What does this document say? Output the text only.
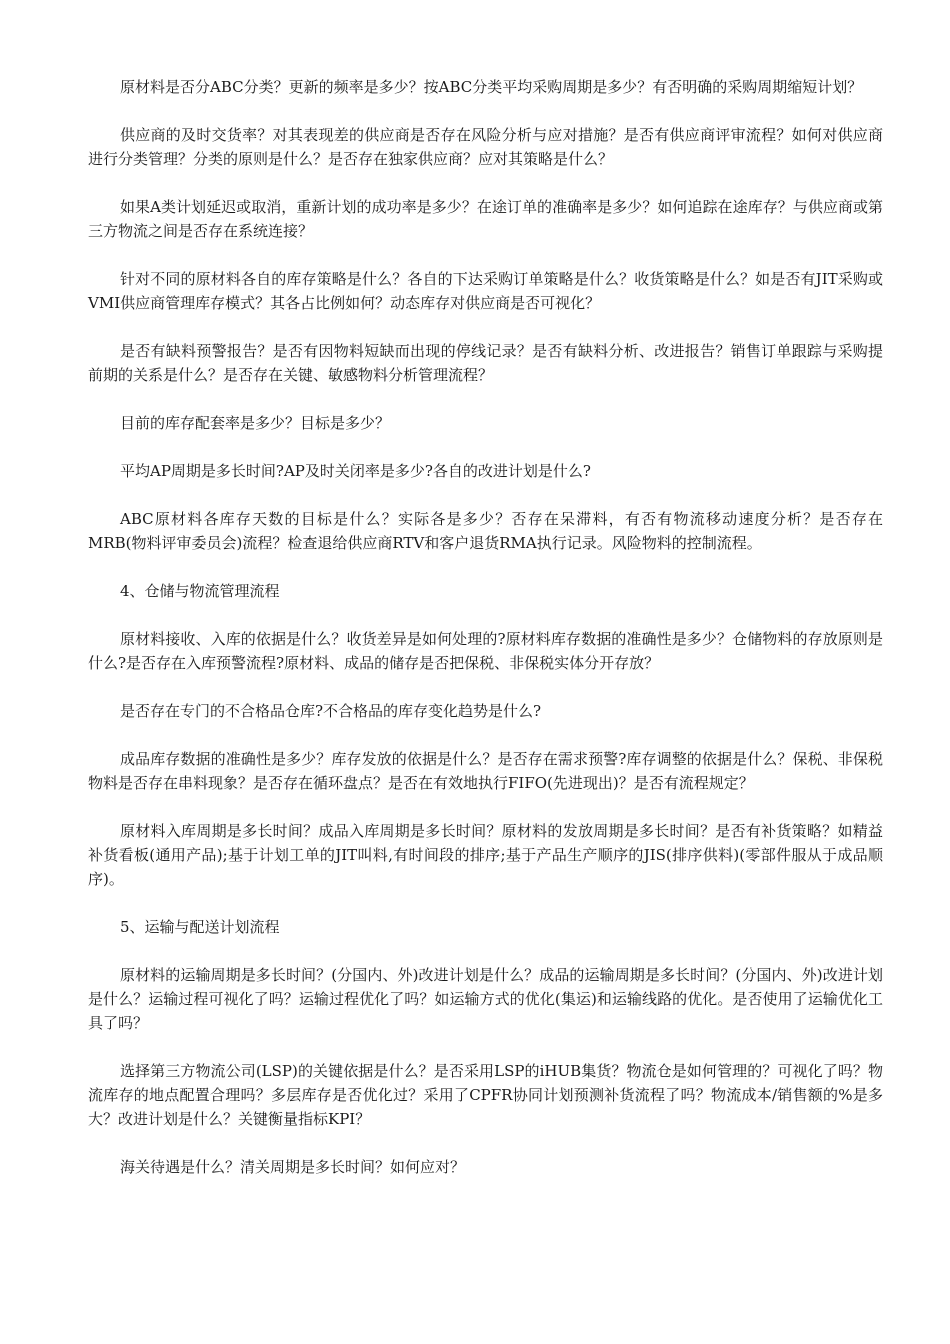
原材料是否分ABC分类？更新的频率是多少？按ABC分类平均采购周期是多少？有否明确的采购周期缩短计划？

供应商的及时交货率？对其表现差的供应商是否存在风险分析与应对措施？是否有供应商评审流程？如何对供应商进行分类管理？分类的原则是什么？是否存在独家供应商？应对其策略是什么？

如果A类计划延迟或取消，重新计划的成功率是多少？在途订单的准确率是多少？如何追踪在途库存？与供应商或第三方物流之间是否存在系统连接？

针对不同的原材料各自的库存策略是什么？各自的下达采购订单策略是什么？收货策略是什么？如是否有JIT采购或VMI供应商管理库存模式？其各占比例如何？动态库存对供应商是否可视化？

是否有缺料预警报告？是否有因物料短缺而出现的停线记录？是否有缺料分析、改进报告？销售订单跟踪与采购提前期的关系是什么？是否存在关键、敏感物料分析管理流程？

目前的库存配套率是多少？目标是多少？

平均AP周期是多长时间?AP及时关闭率是多少?各自的改进计划是什么?

ABC原材料各库存天数的目标是什么？实际各是多少？否存在呆滞料，有否有物流移动速度分析？是否存在MRB(物料评审委员会)流程？检查退给供应商RTV和客户退货RMA执行记录。风险物料的控制流程。

4、仓储与物流管理流程

原材料接收、入库的依据是什么？收货差异是如何处理的?原材料库存数据的准确性是多少？仓储物料的存放原则是什么?是否存在入库预警流程?原材料、成品的储存是否把保税、非保税实体分开存放？

是否存在专门的不合格品仓库?不合格品的库存变化趋势是什么?

成品库存数据的准确性是多少？库存发放的依据是什么？是否存在需求预警?库存调整的依据是什么？保税、非保税物料是否存在串料现象？是否存在循环盘点？是否在有效地执行FIFO(先进现出)？是否有流程规定？

原材料入库周期是多长时间？成品入库周期是多长时间？原材料的发放周期是多长时间？是否有补货策略？如精益补货看板(通用产品);基于计划工单的JIT叫料,有时间段的排序;基于产品生产顺序的JIS(排序供料)(零部件服从于成品顺序)。

5、运输与配送计划流程

原材料的运输周期是多长时间？(分国内、外)改进计划是什么？成品的运输周期是多长时间？(分国内、外)改进计划是什么？运输过程可视化了吗？运输过程优化了吗？如运输方式的优化(集运)和运输线路的优化。是否使用了运输优化工具了吗？

选择第三方物流公司(LSP)的关键依据是什么？是否采用LSP的iHUB集货？物流仓是如何管理的？可视化了吗？物流库存的地点配置合理吗？多层库存是否优化过？采用了CPFR协同计划预测补货流程了吗？物流成本/销售额的%是多大？改进计划是什么？关键衡量指标KPI？

海关待遇是什么？清关周期是多长时间？如何应对？
